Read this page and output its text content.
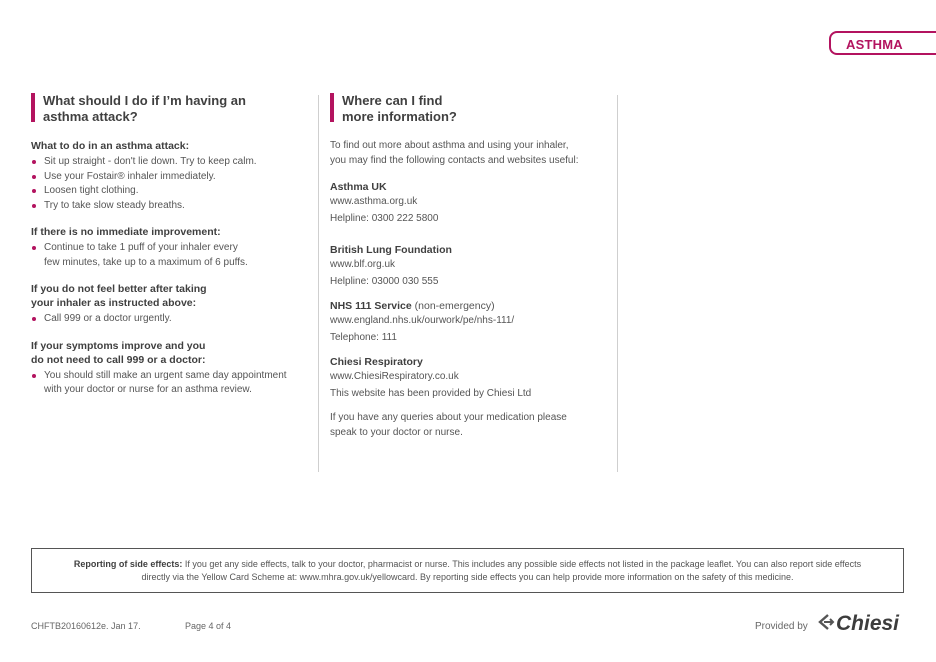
ASTHMA
What should I do if I’m having an
asthma attack?

What to do in an asthma attack:

Sit up straight - don't lie down. Try to keep calm.
Use your Fostair® inhaler immediately.
Loosen tight clothing.
Try to take slow steady breaths.

If there is no immediate improvement:

Continue to take 1 puff of your inhaler every
few minutes, take up to a maximum of 6 puffs.

If you do not feel better after taking
your inhaler as instructed above:

Call 999 or a doctor urgently.

If your symptoms improve and you
do not need to call 999 or a doctor:

You should still make an urgent same day appointment
with your doctor or nurse for an asthma review.
Where can I find
more information?

To find out more about asthma and using your inhaler,
you may find the following contacts and websites useful:

Asthma UK

www.asthma.org.uk

Helpline: 0300 222 5800

British Lung Foundation

www.blf.org.uk

Helpline: 03000 030 555

NHS 111 Service (non-emergency)

www.england.nhs.uk/ourwork/pe/nhs-111/

Telephone: 111

Chiesi Respiratory

www.ChiesiRespiratory.co.uk

This website has been provided by Chiesi Ltd

If you have any queries about your medication please
speak to your doctor or nurse.

Reporting of side effects: If you get any side effects, talk to your doctor, pharmacist or nurse. This includes any possible side effects not listed in the package leaflet. You can also report side effects directly via the Yellow Card Scheme at: www.mhra.gov.uk/yellowcard. By reporting side effects you can help provide more information on the safety of this medicine.
CHFTB20160612e. Jan 17.	Page 4 of 4	Provided by Chiesi
